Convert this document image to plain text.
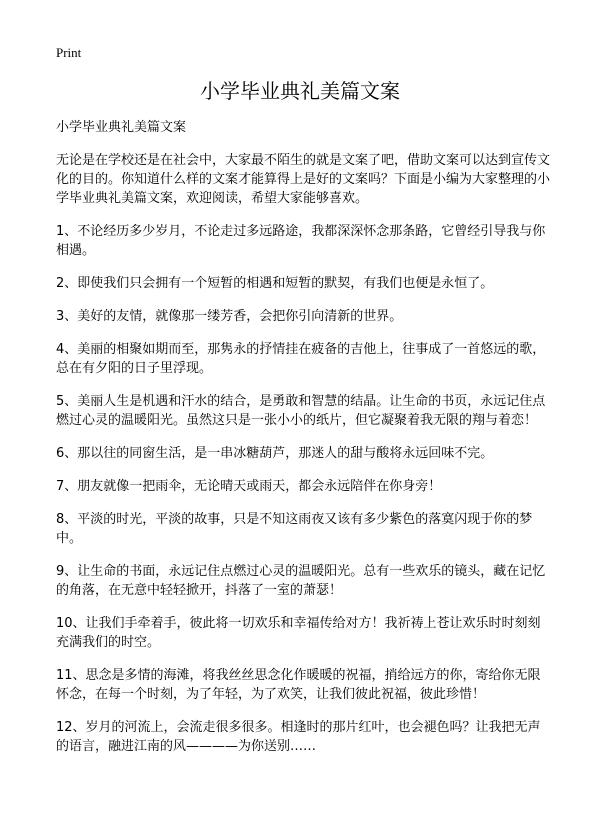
Print
小学毕业典礼美篇文案
小学毕业典礼美篇文案

无论是在学校还是在社会中，大家最不陌生的就是文案了吧，借助文案可以达到宣传文化的目的。你知道什么样的文案才能算得上是好的文案吗？下面是小编为大家整理的小学毕业典礼美篇文案，欢迎阅读，希望大家能够喜欢。

1、不论经历多少岁月，不论走过多远路途，我都深深怀念那条路，它曾经引导我与你相遇。

2、即使我们只会拥有一个短暂的相遇和短暂的默契，有我们也便是永恒了。

3、美好的友情，就像那一缕芳香，会把你引向清新的世界。

4、美丽的相聚如期而至，那隽永的抒情挂在疲备的吉他上，往事成了一首悠远的歌，总在有夕阳的日子里浮现。

5、美丽人生是机遇和汗水的结合，是勇敢和智慧的结晶。让生命的书页，永远记住点燃过心灵的温暖阳光。虽然这只是一张小小的纸片，但它凝聚着我无限的翔与着恋！

6、那以往的同窗生活，是一串冰糖葫芦，那迷人的甜与酸将永远回味不完。

7、朋友就像一把雨伞，无论晴天或雨天，都会永远陪伴在你身旁！

8、平淡的时光，平淡的故事，只是不知这雨夜又该有多少紫色的落寞闪现于你的梦中。

9、让生命的书面，永远记住点燃过心灵的温暖阳光。总有一些欢乐的镜头，藏在记忆的角落，在无意中轻轻掀开，抖落了一室的萧瑟！

10、让我们手牵着手，彼此将一切欢乐和幸福传给对方！我祈祷上苍让欢乐时时刻刻充满我们的时空。

11、思念是多情的海滩，将我丝丝思念化作暖暖的祝福，捎给远方的你，寄给你无限怀念，在每一个时刻，为了年轻，为了欢笑，让我们彼此祝福，彼此珍惜！

12、岁月的河流上，会流走很多很多。相逢时的那片红叶，也会褪色吗？让我把无声的语言，融进江南的风————为你送别……
